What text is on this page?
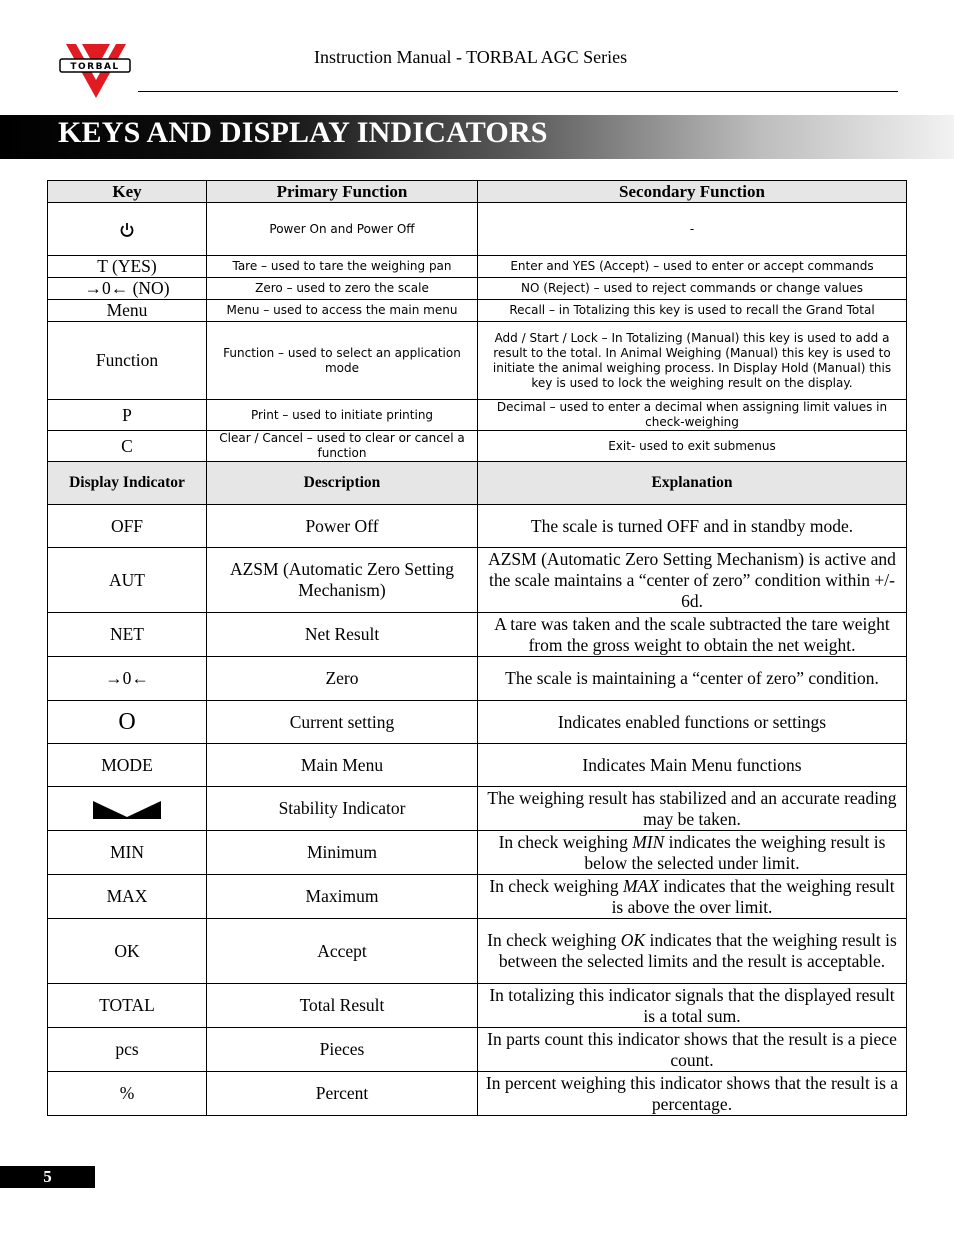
TORBAL	Instruction Manual - TORBAL AGC Series
KEYS AND DISPLAY INDICATORS
Key	Primary Function	Secondary Function
	Power On and Power Off	-
T (YES)	Tare – used to tare the weighing pan	Enter and YES (Accept) – used to enter or accept commands
→0← (NO)	Zero – used to zero the scale	NO (Reject) – used to reject commands or change values
Menu	Menu – used to access the main menu	Recall – in Totalizing this key is used to recall the Grand Total
Function	Function – used to select an application mode	Add / Start / Lock – In Totalizing (Manual) this key is used to add a result to the total. In Animal Weighing (Manual) this key is used to initiate the animal weighing process. In Display Hold (Manual) this key is used to lock the weighing result on the display.
P	Print – used to initiate printing	Decimal – used to enter a decimal when assigning limit values in check-weighing
C	Clear / Cancel – used to clear or cancel a function	Exit- used to exit submenus
Display Indicator	Description	Explanation
OFF	Power Off	The scale is turned OFF and in standby mode.
AUT	AZSM (Automatic Zero Setting Mechanism)	AZSM (Automatic Zero Setting Mechanism) is active and the scale maintains a “center of zero” condition within +/- 6d.
NET	Net Result	A tare was taken and the scale subtracted the tare weight from the gross weight to obtain the net weight.
→0←	Zero	The scale is maintaining a “center of zero” condition.
O	Current setting	Indicates enabled functions or settings
MODE	Main Menu	Indicates Main Menu functions
	Stability Indicator	The weighing result has stabilized and an accurate reading may be taken.
MIN	Minimum	In check weighing MIN indicates the weighing result is below the selected under limit.
MAX	Maximum	In check weighing MAX indicates that the weighing result is above the over limit.
OK	Accept	In check weighing OK indicates that the weighing result is between the selected limits and the result is acceptable.
TOTAL	Total Result	In totalizing this indicator signals that the displayed result is a total sum.
pcs	Pieces	In parts count this indicator shows that the result is a piece count.
%	Percent	In percent weighing this indicator shows that the result is a percentage.
5
